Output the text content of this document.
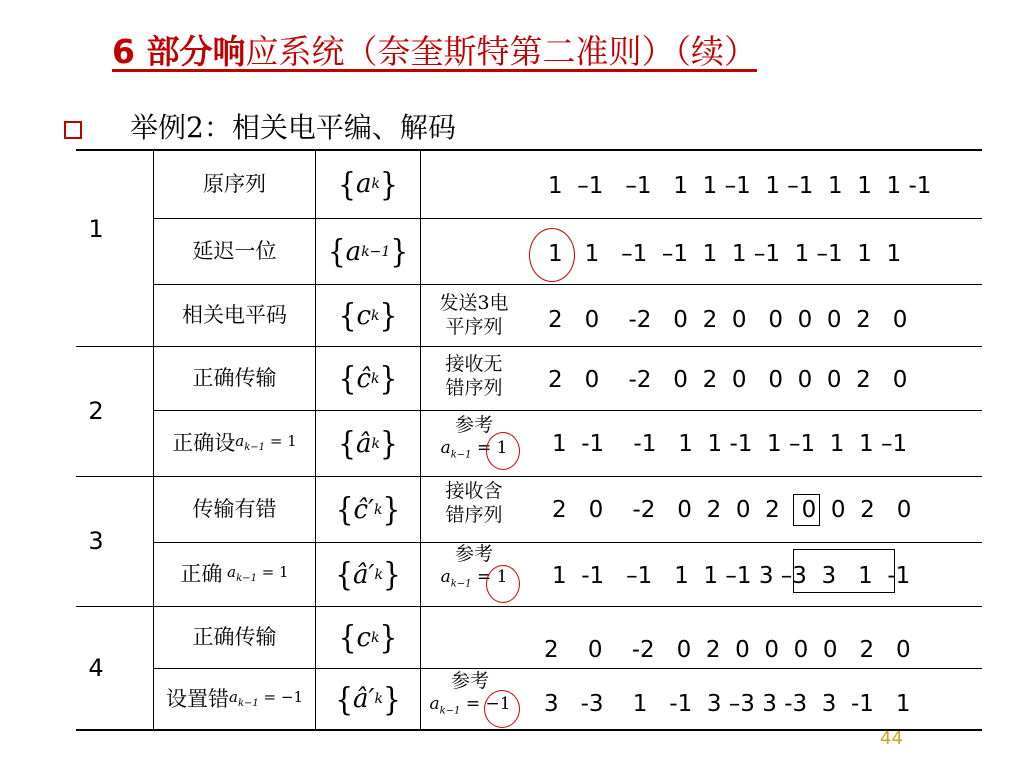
6 部分响应系统（奈奎斯特第二准则）（续）
举例2：相关电平编、解码
1
2
3
4
原序列
延迟一位
相关电平码
正确传输
正确设 $a_{k-1} = 1$
传输有错
正确 $a_{k-1} = 1$
正确传输
设置错 $a_{k-1} = -1$
{ a k }
{ a k−1 }
{ c k }
{ ĉ k }
{ â k }
{ ĉ′ k }
{ â′ k }
{ c k }
{ â′ k }
发送3电
平序列
接收无
错序列
接收含
错序列
参考
$a_{k-1} = 1$
参考
$a_{k-1} = 1$
参考
$a_{k-1} = -1$
1  –1   –1   1  1 –1  1 –1  1  1  1 -1
1   1   –1  –1  1  1 –1  1 –1  1  1
2   0    -2   0  2  0   0  0  0  2   0
2   0    -2   0  2  0   0  0  0  2   0
1  -1    -1   1  1 -1  1 –1  1  1 –1
2   0    -2   0  2  0  2   0  0  2   0
1  -1   –1   1  1 –1 3 –3  3   1  -1
2    0    -2   0  2  0  0  0  0   2   0
3   -3    1   -1  3 –3 3 -3  3  -1   1
44
